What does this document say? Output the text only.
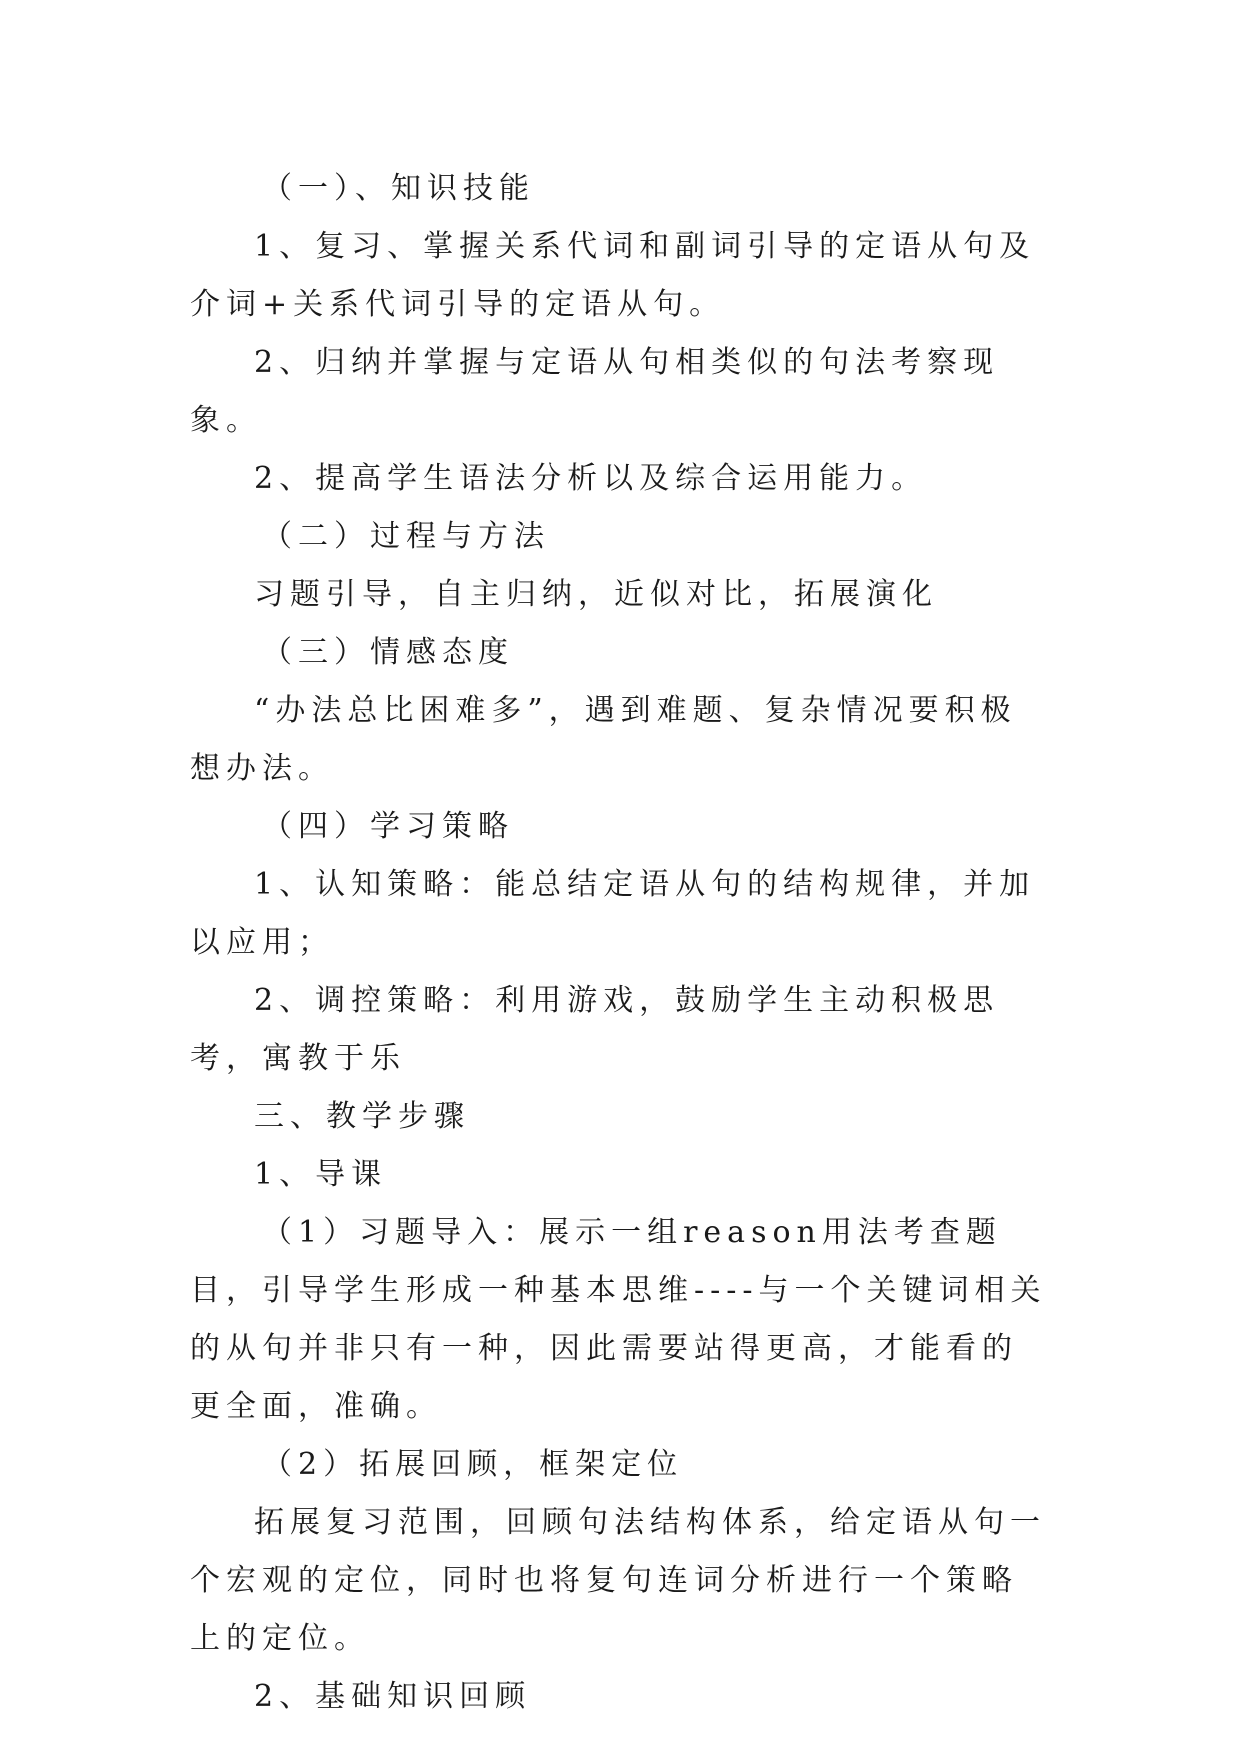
（一）、知识技能

1、复习、掌握关系代词和副词引导的定语从句及介词+关系代词引导的定语从句。

2、归纳并掌握与定语从句相类似的句法考察现象。

2、提高学生语法分析以及综合运用能力。

（二）过程与方法

习题引导，自主归纳，近似对比，拓展演化

（三）情感态度

“办法总比困难多”，遇到难题、复杂情况要积极想办法。

（四）学习策略

1、认知策略：能总结定语从句的结构规律，并加以应用；

2、调控策略：利用游戏，鼓励学生主动积极思考，寓教于乐

三、教学步骤

1、导课

（1）习题导入：展示一组reason用法考查题目，引导学生形成一种基本思维----与一个关键词相关的从句并非只有一种，因此需要站得更高，才能看的更全面，准确。

（2）拓展回顾，框架定位

拓展复习范围，回顾句法结构体系，给定语从句一个宏观的定位，同时也将复句连词分析进行一个策略上的定位。

2、基础知识回顾
